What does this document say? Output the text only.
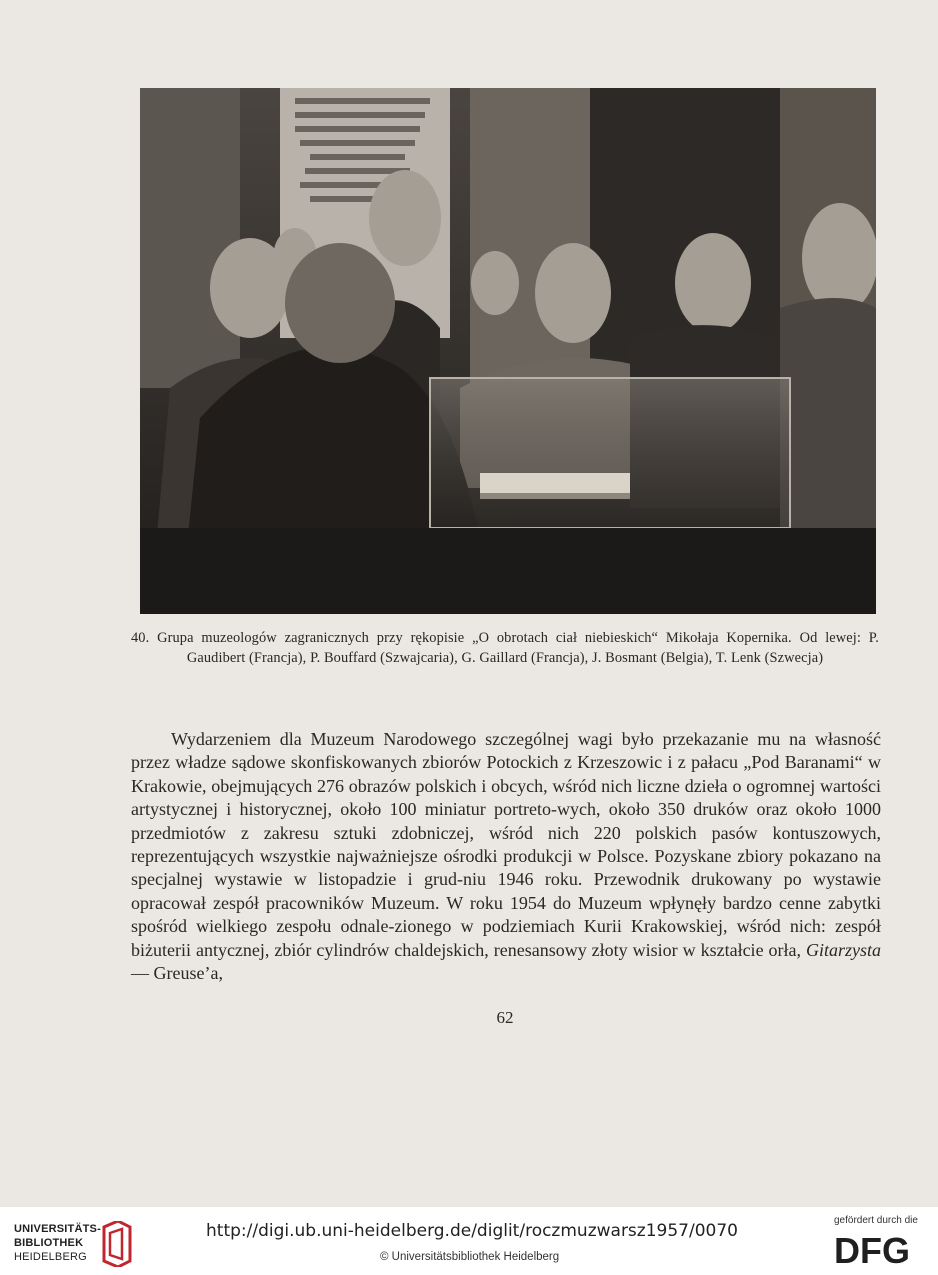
40. Grupa muzeologów zagranicznych przy rękopisie „O obrotach ciał niebieskich“ Mikołaja Kopernika. Od lewej: P. Gaudibert (Francja), P. Bouffard (Szwajcaria), G. Gaillard (Francja), J. Bosmant (Belgia), T. Lenk (Szwecja)

Wydarzeniem dla Muzeum Narodowego szczególnej wagi było przekazanie mu na własność przez władze sądowe skonfiskowanych zbiorów Potockich z Krzeszowic i z pałacu „Pod Baranami“ w Krakowie, obejmujących 276 obrazów polskich i obcych, wśród nich liczne dzieła o ogromnej wartości artystycznej i historycznej, około 100 miniatur portreto-wych, około 350 druków oraz około 1000 przedmiotów z zakresu sztuki zdobniczej, wśród nich 220 polskich pasów kontuszowych, reprezentujących wszystkie najważniejsze ośrodki produkcji w Polsce. Pozyskane zbiory pokazano na specjalnej wystawie w listopadzie i grud-niu 1946 roku. Przewodnik drukowany po wystawie opracował zespół pracowników Muzeum. W roku 1954 do Muzeum wpłynęły bardzo cenne zabytki spośród wielkiego zespołu odnale-zionego w podziemiach Kurii Krakowskiej, wśród nich: zespół biżuterii antycznej, zbiór cylindrów chaldejskich, renesansowy złoty wisior w kształcie orła, Gitarzysta — Greuse’a,

62
UNIVERSITÄTS-
BIBLIOTHEK
HEIDELBERG
http://digi.ub.uni-heidelberg.de/diglit/roczmuzwarsz1957/0070
© Universitätsbibliothek Heidelberg
gefördert durch die
DFG
